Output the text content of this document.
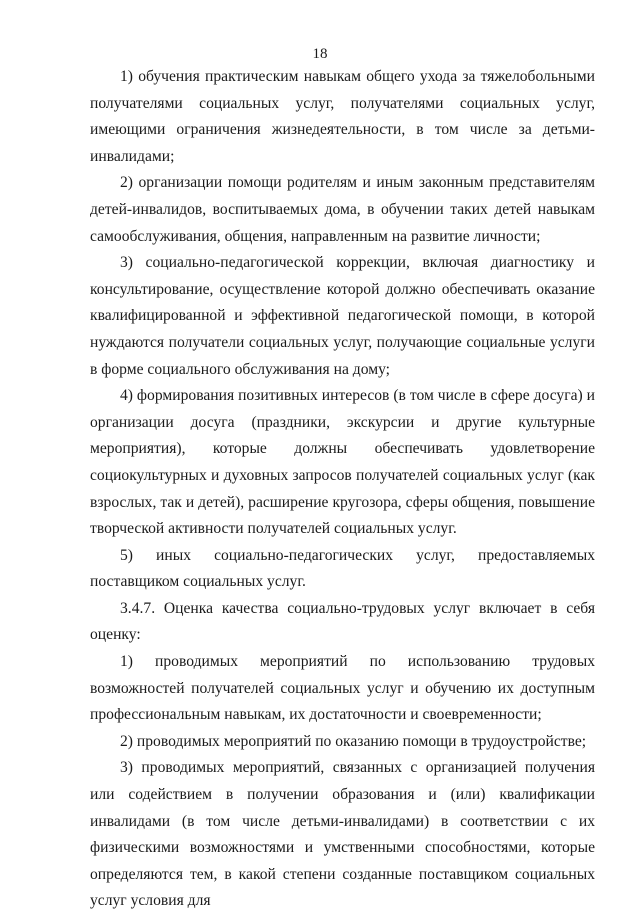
18

1) обучения практическим навыкам общего ухода за тяжелобольными получателями социальных услуг, получателями социальных услуг, имеющими ограничения жизнедеятельности, в том числе за детьми-инвалидами;

2) организации помощи родителям и иным законным представителям детей-инвалидов, воспитываемых дома, в обучении таких детей навыкам самообслуживания, общения, направленным на развитие личности;

3) социально-педагогической коррекции, включая диагностику и консультирование, осуществление которой должно обеспечивать оказание квалифицированной и эффективной педагогической помощи, в которой нуждаются получатели социальных услуг, получающие социальные услуги в форме социального обслуживания на дому;

4) формирования позитивных интересов (в том числе в сфере досуга) и организации досуга (праздники, экскурсии и другие культурные мероприятия), которые должны обеспечивать удовлетворение социокультурных и духовных запросов получателей социальных услуг (как взрослых, так и детей), расширение кругозора, сферы общения, повышение творческой активности получателей социальных услуг.

5) иных социально-педагогических услуг, предоставляемых поставщиком социальных услуг.

3.4.7. Оценка качества социально-трудовых услуг включает в себя оценку:

1) проводимых мероприятий по использованию трудовых возможностей получателей социальных услуг и обучению их доступным профессиональным навыкам, их достаточности и своевременности;

2) проводимых мероприятий по оказанию помощи в трудоустройстве;

3) проводимых мероприятий, связанных с организацией получения или содействием в получении образования и (или) квалификации инвалидами (в том числе детьми-инвалидами) в соответствии с их физическими возможностями и умственными способностями, которые определяются тем, в какой степени созданные поставщиком социальных услуг условия для
